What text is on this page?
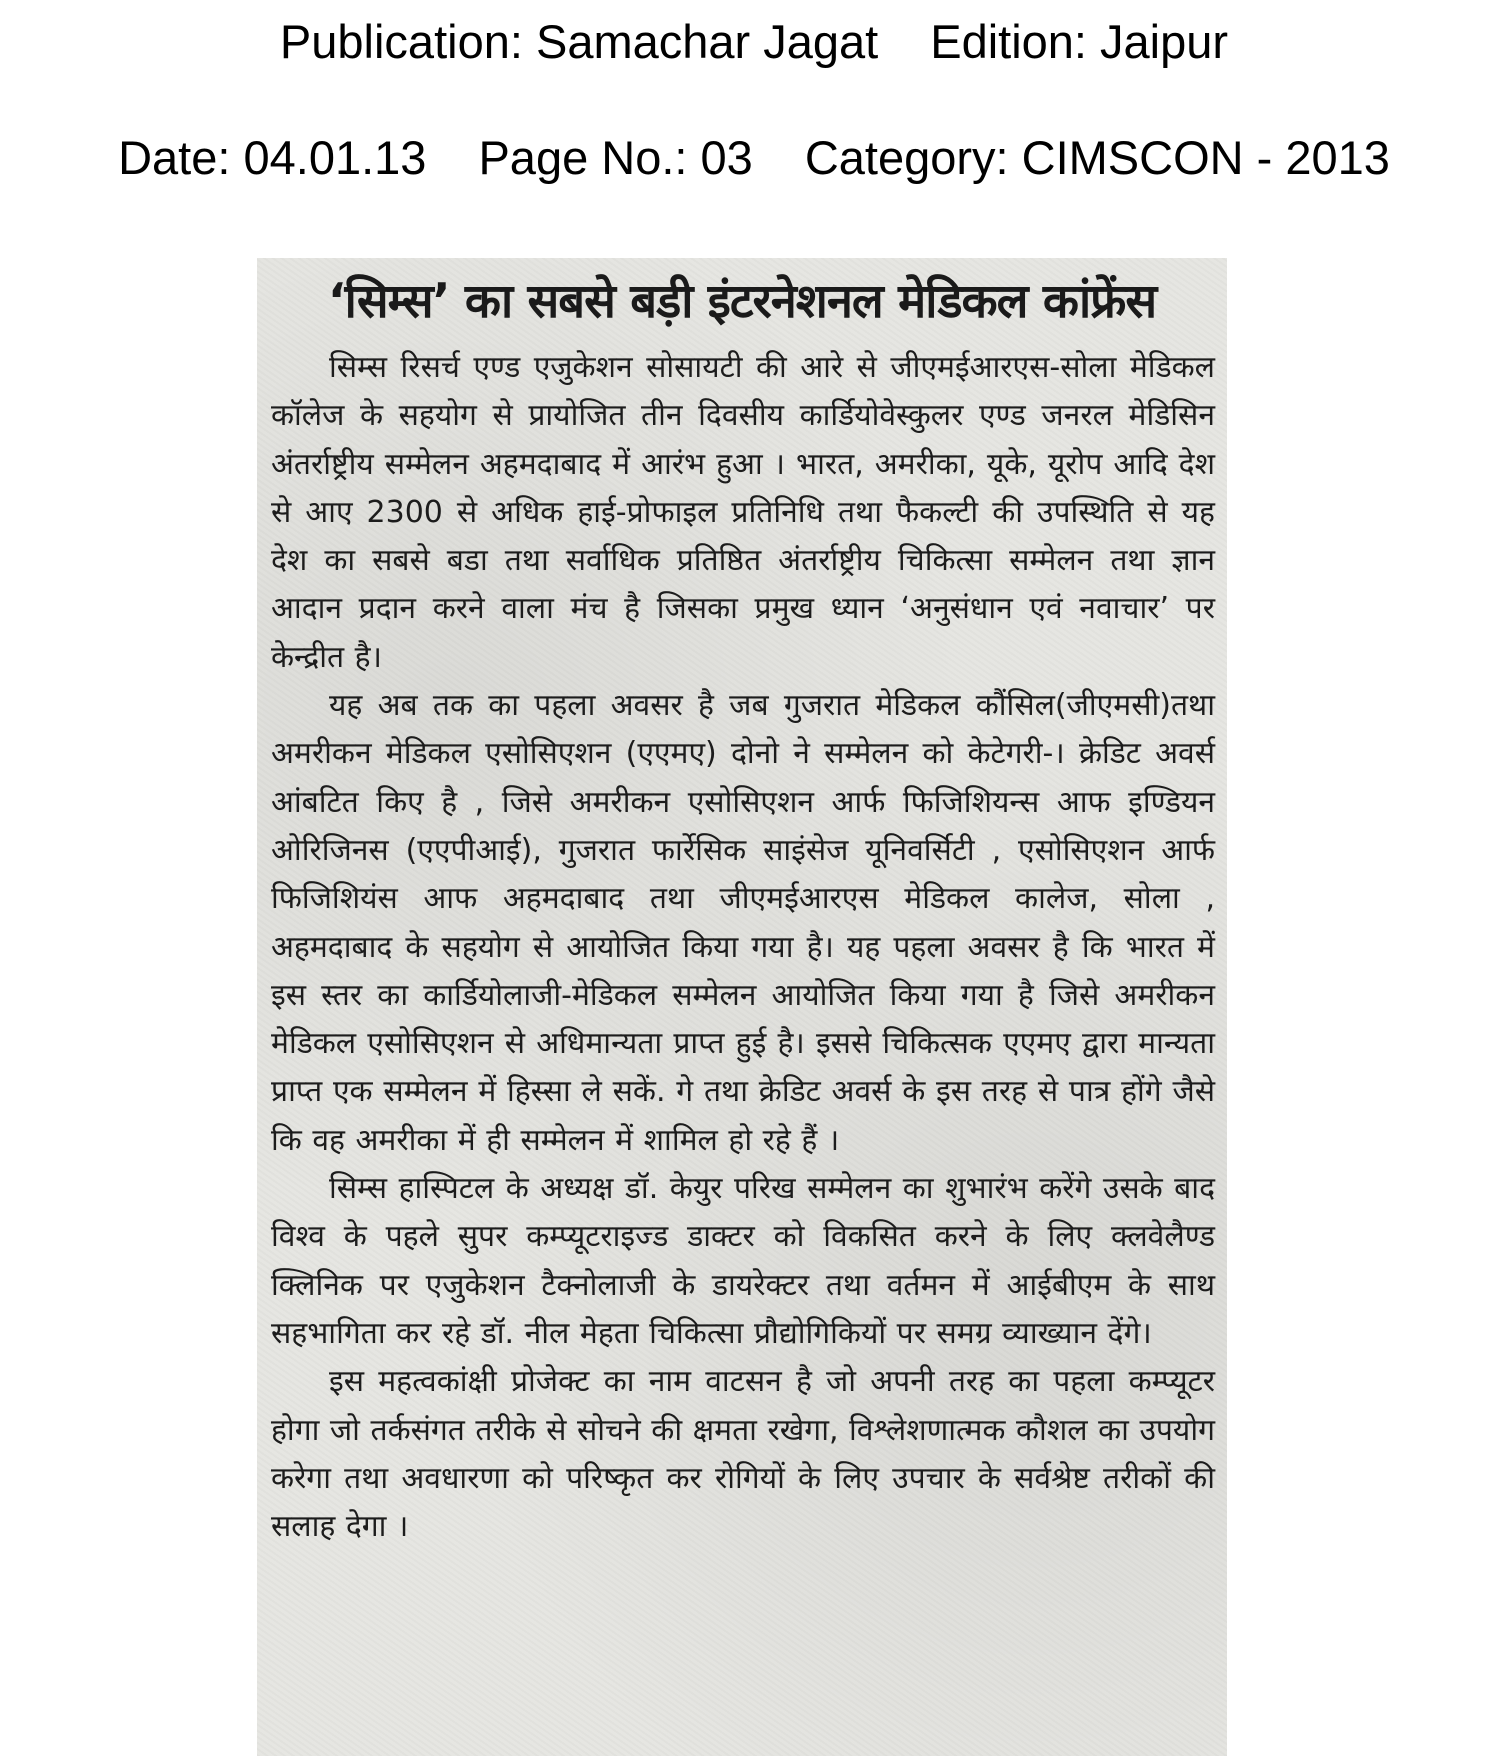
Publication: Samachar Jagat Edition: Jaipur
Date: 04.01.13 Page No.: 03 Category: CIMSCON - 2013
‘सिम्स’ का सबसे बड़ी इंटरनेशनल मेडिकल कांफ्रेंस

सिम्स रिसर्च एण्ड एजुकेशन सोसायटी की आरे से जीएमईआरएस-सोला मेडिकल कॉलेज के सहयोग से प्रायोजित तीन दिवसीय कार्डियोवेस्कुलर एण्ड जनरल मेडिसिन अंतर्राष्ट्रीय सम्मेलन अहमदाबाद में आरंभ हुआ । भारत, अमरीका, यूके, यूरोप आदि देश से आए 2300 से अधिक हाई-प्रोफाइल प्रतिनिधि तथा फैकल्टी की उपस्थिति से यह देश का सबसे बडा तथा सर्वाधिक प्रतिष्ठित अंतर्राष्ट्रीय चिकित्सा सम्मेलन तथा ज्ञान आदान प्रदान करने वाला मंच है जिसका प्रमुख ध्यान ‘अनुसंधान एवं नवाचार’ पर केन्द्रीत है।

यह अब तक का पहला अवसर है जब गुजरात मेडिकल कौंसिल(जीएमसी)तथा अमरीकन मेडिकल एसोसिएशन (एएमए) दोनो ने सम्मेलन को केटेगरी-। क्रेडिट अवर्स आंबटित किए है , जिसे अमरीकन एसोसिएशन आर्फ फिजिशियन्स आफ इण्डियन ओरिजिनस (एएपीआई), गुजरात फार्रेसिक साइंसेज यूनिवर्सिटी , एसोसिएशन आर्फ फिजिशियंस आफ अहमदाबाद तथा जीएमईआरएस मेडिकल कालेज, सोला , अहमदाबाद के सहयोग से आयोजित किया गया है। यह पहला अवसर है कि भारत में इस स्तर का कार्डियोलाजी-मेडिकल सम्मेलन आयोजित किया गया है जिसे अमरीकन मेडिकल एसोसिएशन से अधिमान्यता प्राप्त हुई है। इससे चिकित्सक एएमए द्वारा मान्यता प्राप्त एक सम्मेलन में हिस्सा ले सकें. गे तथा क्रेडिट अवर्स के इस तरह से पात्र होंगे जैसे कि वह अमरीका में ही सम्मेलन में शामिल हो रहे हैं ।

सिम्स हास्पिटल के अध्यक्ष डॉ. केयुर परिख सम्मेलन का शुभारंभ करेंगे उसके बाद विश्व के पहले सुपर कम्प्यूटराइज्ड डाक्टर को विकसित करने के लिए क्लवेलैण्ड क्लिनिक पर एजुकेशन टैक्नोलाजी के डायरेक्टर तथा वर्तमन में आईबीएम के साथ सहभागिता कर रहे डॉ. नील मेहता चिकित्सा प्रौद्योगिकियों पर समग्र व्याख्यान देंगे।

इस महत्वकांक्षी प्रोजेक्ट का नाम वाटसन है जो अपनी तरह का पहला कम्प्यूटर होगा जो तर्कसंगत तरीके से सोचने की क्षमता रखेगा, विश्लेशणात्मक कौशल का उपयोग करेगा तथा अवधारणा को परिष्कृत कर रोगियों के लिए उपचार के सर्वश्रेष्ट तरीकों की सलाह देगा ।
